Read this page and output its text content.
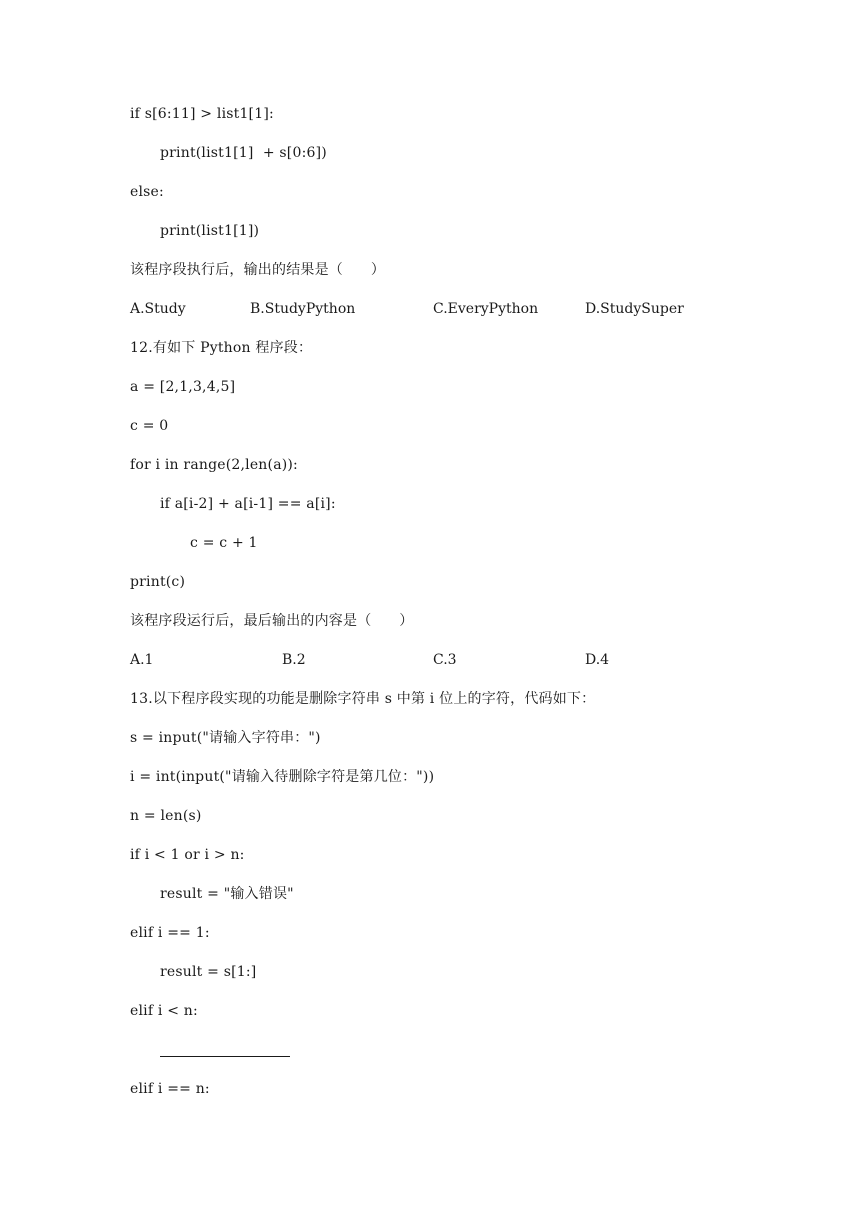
if s[6:11] > list1[1]:
print(list1[1]  + s[0:6])
else:
print(list1[1])
该程序段执行后，输出的结果是（      ）
A.Study	B.StudyPython	C.EveryPython	D.StudySuper
12.有如下 Python 程序段：
a = [2,1,3,4,5]
c = 0
for i in range(2,len(a)):
if a[i-2] + a[i-1] == a[i]:
c = c + 1
print(c)
该程序段运行后，最后输出的内容是（      ）
A.1	B.2	C.3	D.4
13.以下程序段实现的功能是删除字符串 s 中第 i 位上的字符，代码如下：
s = input("请输入字符串：")
i = int(input("请输入待删除字符是第几位："))
n = len(s)
if i < 1 or i > n:
result = "输入错误"
elif i == 1:
result = s[1:]
elif i < n:
elif i == n:
